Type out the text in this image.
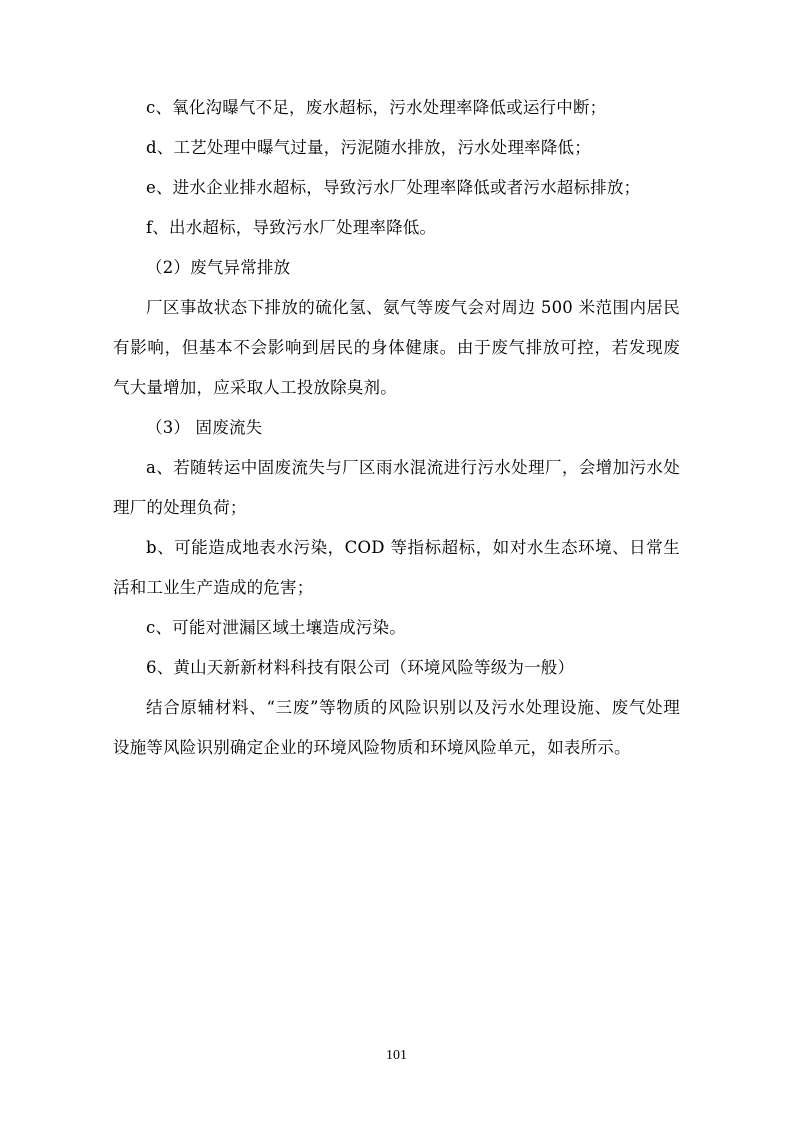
c、氧化沟曝气不足，废水超标，污水处理率降低或运行中断；

d、工艺处理中曝气过量，污泥随水排放，污水处理率降低；

e、进水企业排水超标，导致污水厂处理率降低或者污水超标排放；

f、出水超标，导致污水厂处理率降低。

（2）废气异常排放

厂区事故状态下排放的硫化氢、氨气等废气会对周边 500 米范围内居民有影响，但基本不会影响到居民的身体健康。由于废气排放可控，若发现废气大量增加，应采取人工投放除臭剂。

（3） 固废流失

a、若随转运中固废流失与厂区雨水混流进行污水处理厂，会增加污水处理厂的处理负荷；

b、可能造成地表水污染，COD 等指标超标，如对水生态环境、日常生活和工业生产造成的危害；

c、可能对泄漏区域土壤造成污染。

6、黄山天新新材料科技有限公司（环境风险等级为一般）

结合原辅材料、“三废”等物质的风险识别以及污水处理设施、废气处理设施等风险识别确定企业的环境风险物质和环境风险单元，如表所示。

101
